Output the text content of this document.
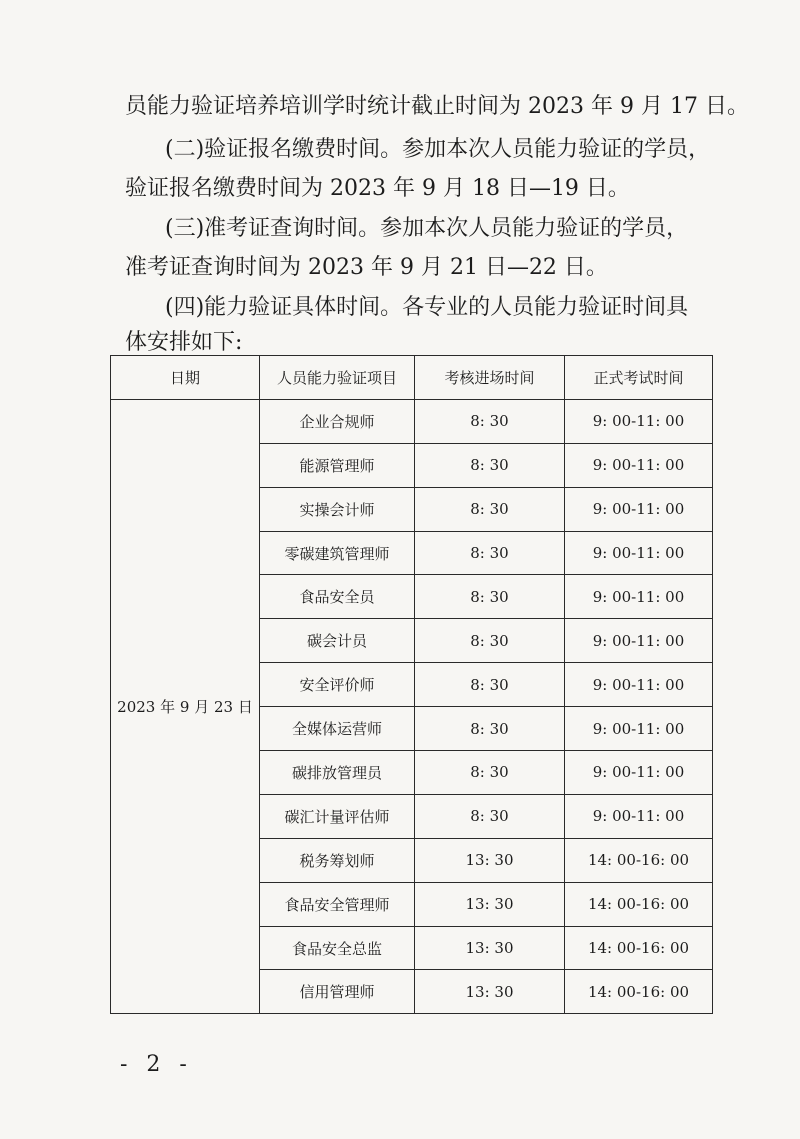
员能力验证培养培训学时统计截止时间为 2023 年 9 月 17 日。
(二)验证报名缴费时间。参加本次人员能力验证的学员，
验证报名缴费时间为 2023 年 9 月 18 日—19 日。
(三)准考证查询时间。参加本次人员能力验证的学员，
准考证查询时间为 2023 年 9 月 21 日—22 日。
(四)能力验证具体时间。各专业的人员能力验证时间具
体安排如下:
日期	人员能力验证项目	考核进场时间	正式考试时间
2023 年 9 月 23 日	企业合规师	8: 30	9: 00-11: 00
	能源管理师	8: 30	9: 00-11: 00
	实操会计师	8: 30	9: 00-11: 00
	零碳建筑管理师	8: 30	9: 00-11: 00
	食品安全员	8: 30	9: 00-11: 00
	碳会计员	8: 30	9: 00-11: 00
	安全评价师	8: 30	9: 00-11: 00
	全媒体运营师	8: 30	9: 00-11: 00
	碳排放管理员	8: 30	9: 00-11: 00
	碳汇计量评估师	8: 30	9: 00-11: 00
	税务筹划师	13: 30	14: 00-16: 00
	食品安全管理师	13: 30	14: 00-16: 00
	食品安全总监	13: 30	14: 00-16: 00
	信用管理师	13: 30	14: 00-16: 00
- 2 -
